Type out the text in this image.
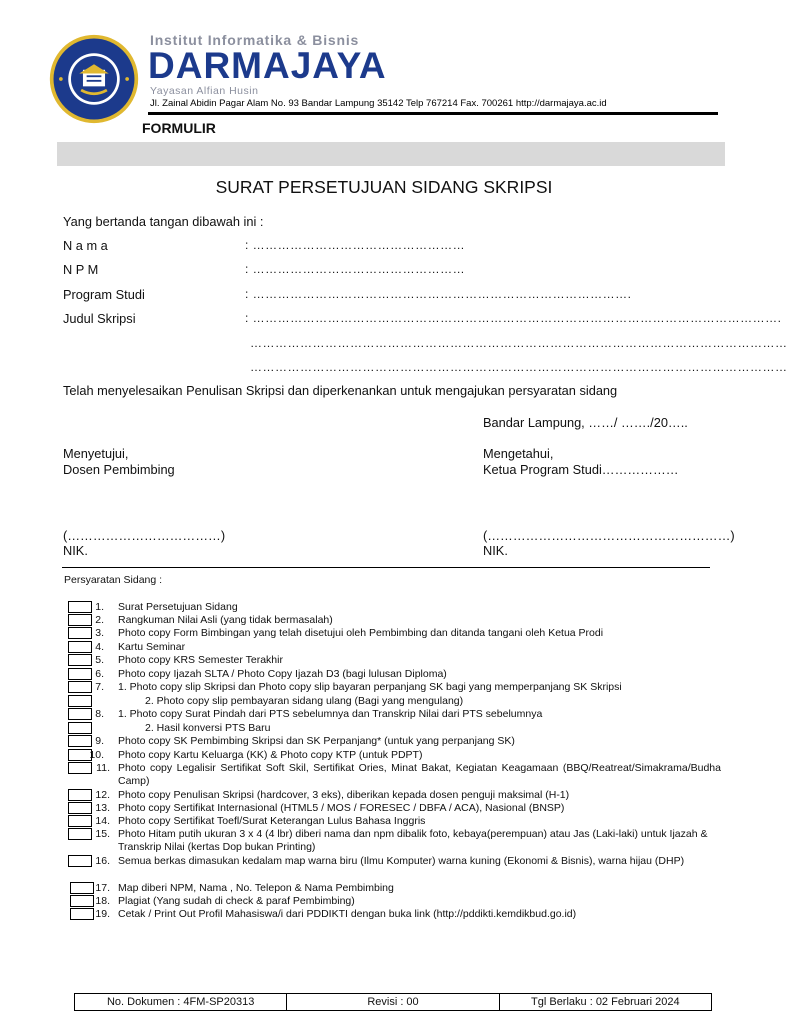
Institut Informatika & Bisnis
DARMAJAYA
Yayasan Alfian Husin
Jl. Zainal Abidin Pagar Alam No. 93 Bandar Lampung 35142 Telp 767214 Fax. 700261 http://darmajaya.ac.id
FORMULIR
SURAT PERSETUJUAN SIDANG SKRIPSI
Yang bertanda tangan dibawah ini :
N a m a	: ……………………………………………
N P M	: ……………………………………………
Program Studi	: ……………………………………………………………………………….
Judul Skripsi	: ……………………………………………………………………………………………………………….
…………………………………………………………………………………………………………………
…………………………………………………………………………………………………………………
Telah menyelesaikan Penulisan Skripsi dan diperkenankan untuk mengajukan persyaratan sidang
Bandar Lampung, ……/ ……./20…..
Menyetujui,
Dosen Pembimbing
(………………………………)
NIK.
Mengetahui,
Ketua Program Studi………………
(…………………………………………………)
NIK.
Persyaratan Sidang :
1. Surat Persetujuan Sidang
2. Rangkuman Nilai Asli (yang tidak bermasalah)
3. Photo copy Form Bimbingan yang telah disetujui oleh Pembimbing dan ditanda tangani oleh Ketua Prodi
4. Kartu Seminar
5. Photo copy KRS Semester Terakhir
6. Photo copy Ijazah SLTA / Photo Copy Ijazah D3 (bagi lulusan Diploma)
7. 1. Photo copy slip Skripsi dan Photo copy slip bayaran perpanjang SK bagi yang memperpanjang SK Skripsi
2. Photo copy slip pembayaran sidang ulang (Bagi yang mengulang)
8. 1. Photo copy Surat Pindah dari PTS sebelumnya dan Transkrip Nilai dari PTS sebelumnya
2. Hasil konversi PTS Baru
9. Photo copy SK Pembimbing Skripsi dan SK Perpanjang* (untuk yang perpanjang SK)
10. Photo copy Kartu Keluarga (KK) & Photo copy KTP (untuk PDPT)
11. Photo copy Legalisir Sertifikat Soft Skil, Sertifikat Ories, Minat Bakat, Kegiatan Keagamaan (BBQ/Reatreat/Simakrama/Budha Camp)
12. Photo copy Penulisan Skripsi (hardcover, 3 eks), diberikan kepada dosen penguji maksimal (H-1)
13. Photo copy Sertifikat Internasional (HTML5 / MOS / FORESEC / DBFA / ACA), Nasional (BNSP)
14. Photo copy Sertifikat Toefl/Surat Keterangan Lulus Bahasa Inggris
15. Photo Hitam putih ukuran 3 x 4 (4 lbr) diberi nama dan npm dibalik foto, kebaya(perempuan) atau Jas (Laki-laki) untuk Ijazah & Transkrip Nilai (kertas Dop bukan Printing)
16. Semua berkas dimasukan kedalam map warna biru (Ilmu Komputer) warna kuning (Ekonomi & Bisnis), warna hijau (DHP)
17. Map diberi NPM, Nama , No. Telepon & Nama Pembimbing
18. Plagiat (Yang sudah di check & paraf Pembimbing)
19. Cetak / Print Out Profil Mahasiswa/i dari PDDIKTI dengan buka link (http://pddikti.kemdikbud.go.id)
No. Dokumen : 4FM-SP20313	Revisi : 00	Tgl Berlaku : 02 Februari 2024
